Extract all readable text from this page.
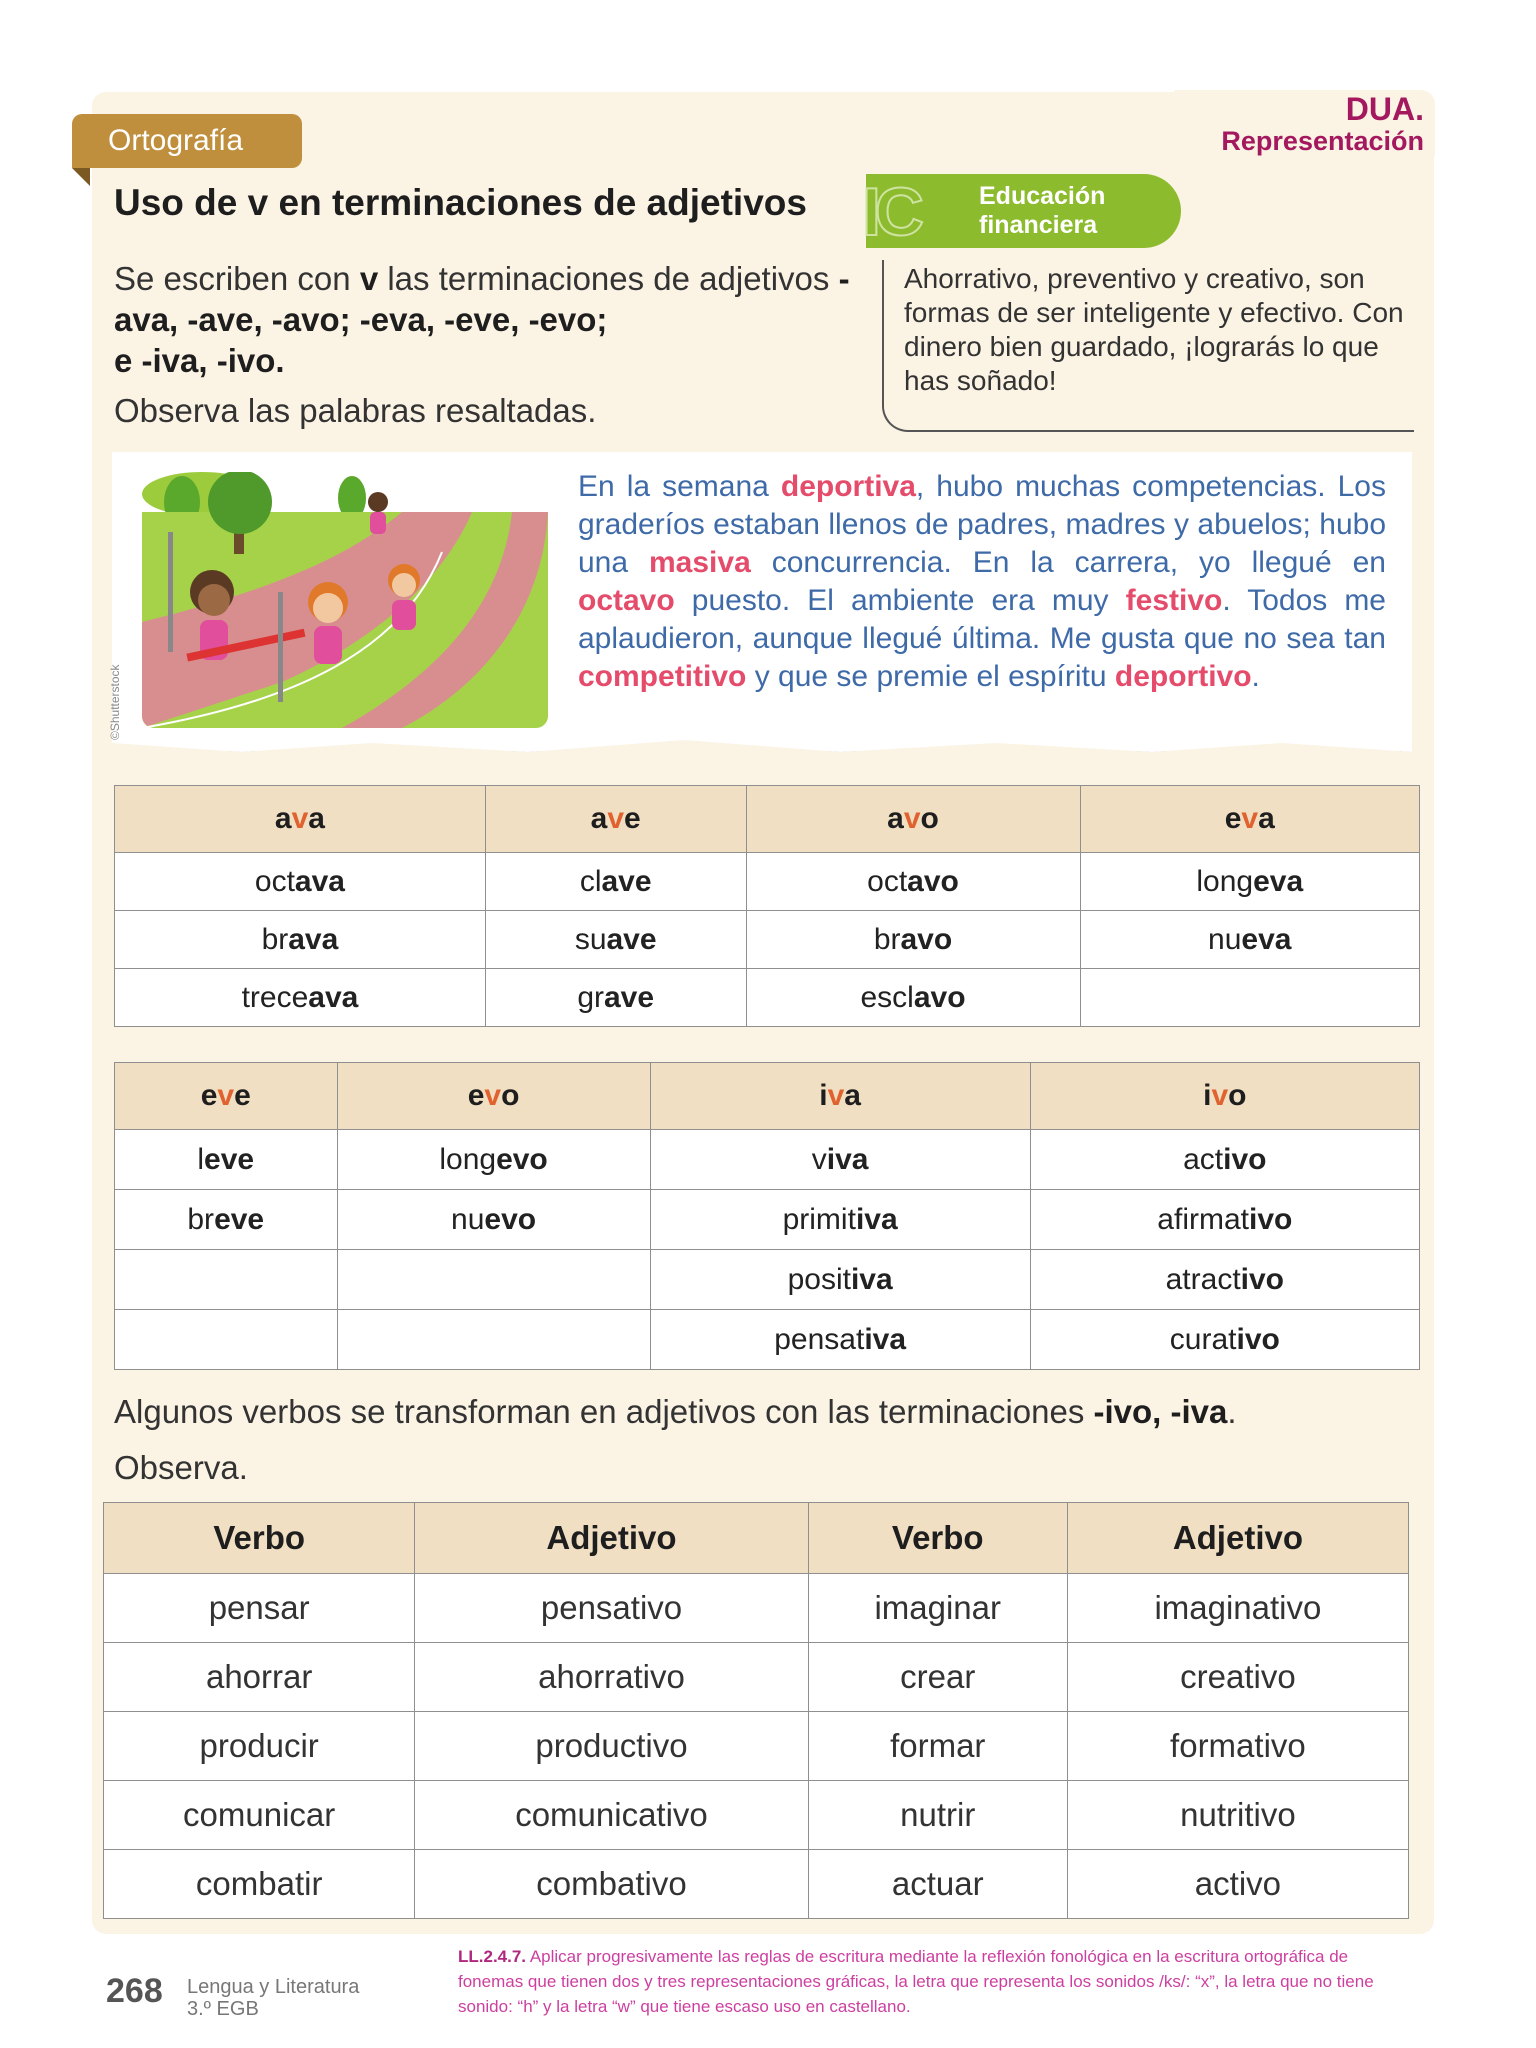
DUA.
Representación
Ortografía
Uso de v en terminaciones de adjetivos
Se escriben con v las terminaciones de adjetivos -ava, -ave, -avo; -eva, -eve, -evo;
e -iva, -ivo.
Observa las palabras resaltadas.
IC Educación
financiera
Ahorrativo, preventivo y creativo, son formas de ser inteligente y efectivo. Con dinero bien guardado, ¡lograrás lo que has soñado!
©Shutterstock
En la semana deportiva, hubo muchas competencias. Los graderíos estaban llenos de padres, madres y abuelos; hubo una masiva concurrencia. En la carrera, yo llegué en octavo puesto. El ambiente era muy festivo. Todos me aplaudieron, aunque llegué última. Me gusta que no sea tan competitivo y que se premie el espíritu deportivo.
ava	ave	avo	eva
octava	clave	octavo	longeva
brava	suave	bravo	nueva
treceava	grave	esclavo	
eve	evo	iva	ivo
leve	longevo	viva	activo
breve	nuevo	primitiva	afirmativo
		positiva	atractivo
		pensativa	curativo
Algunos verbos se transforman en adjetivos con las terminaciones -ivo, -iva.
Observa.
Verbo	Adjetivo	Verbo	Adjetivo
pensar	pensativo	imaginar	imaginativo
ahorrar	ahorrativo	crear	creativo
producir	productivo	formar	formativo
comunicar	comunicativo	nutrir	nutritivo
combatir	combativo	actuar	activo
268 Lengua y Literatura
3.º EGB
LL.2.4.7. Aplicar progresivamente las reglas de escritura mediante la reflexión fonológica en la escritura ortográfica de fonemas que tienen dos y tres representaciones gráficas, la letra que representa los sonidos /ks/: “x”, la letra que no tiene sonido: “h” y la letra “w” que tiene escaso uso en castellano.
